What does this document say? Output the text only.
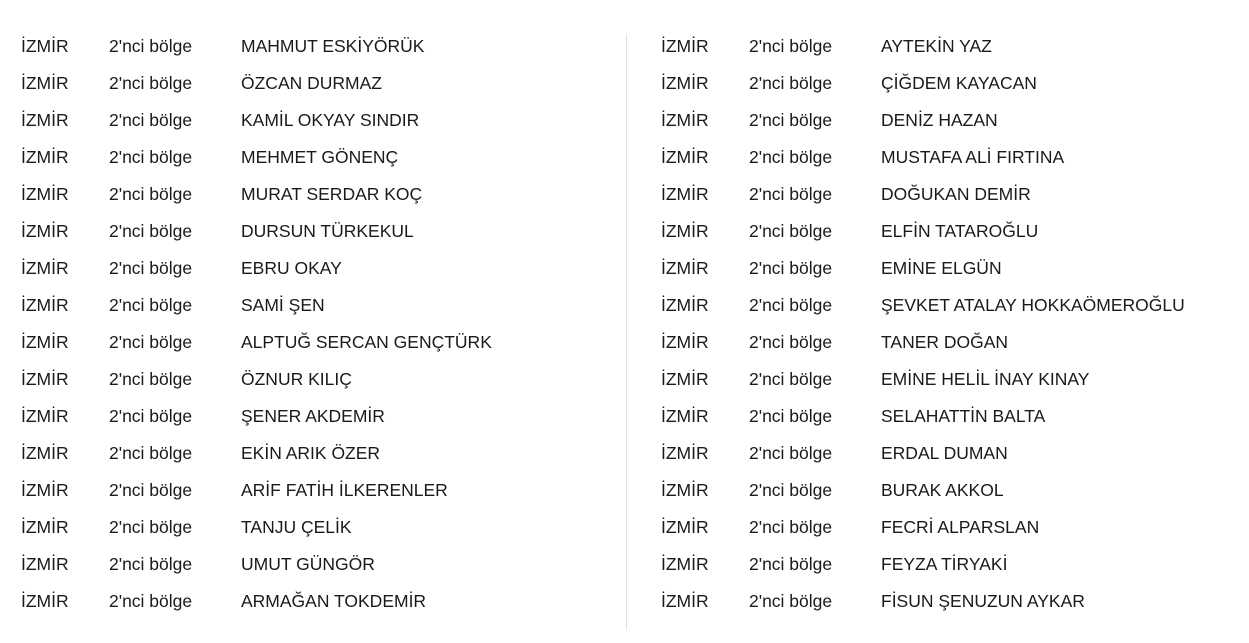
İZMİR 2'nci bölge	MAHMUT ESKİYÖRÜK
İZMİR 2'nci bölge	ÖZCAN DURMAZ
İZMİR 2'nci bölge	KAMİL OKYAY SINDIR
İZMİR 2'nci bölge	MEHMET GÖNENÇ
İZMİR 2'nci bölge	MURAT SERDAR KOÇ
İZMİR 2'nci bölge	DURSUN TÜRKEKUL
İZMİR 2'nci bölge	EBRU OKAY
İZMİR 2'nci bölge	SAMİ ŞEN
İZMİR 2'nci bölge	ALPTUĞ SERCAN GENÇTÜRK
İZMİR 2'nci bölge	ÖZNUR KILIÇ
İZMİR 2'nci bölge	ŞENER AKDEMİR
İZMİR 2'nci bölge	EKİN ARIK ÖZER
İZMİR 2'nci bölge	ARİF FATİH İLKERENLER
İZMİR 2'nci bölge	TANJU ÇELİK
İZMİR 2'nci bölge	UMUT GÜNGÖR
İZMİR 2'nci bölge	ARMAĞAN TOKDEMİR
İZMİR 2'nci bölge	AYTEKİN YAZ
İZMİR 2'nci bölge	ÇİĞDEM KAYACAN
İZMİR 2'nci bölge	DENİZ HAZAN
İZMİR 2'nci bölge	MUSTAFA ALİ FIRTINA
İZMİR 2'nci bölge	DOĞUKAN DEMİR
İZMİR 2'nci bölge	ELFİN TATAROĞLU
İZMİR 2'nci bölge	EMİNE ELGÜN
İZMİR 2'nci bölge	ŞEVKET ATALAY HOKKAÖMEROĞLU
İZMİR 2'nci bölge	TANER DOĞAN
İZMİR 2'nci bölge	EMİNE HELİL İNAY KINAY
İZMİR 2'nci bölge	SELAHATTİN BALTA
İZMİR 2'nci bölge	ERDAL DUMAN
İZMİR 2'nci bölge	BURAK AKKOL
İZMİR 2'nci bölge	FECRİ ALPARSLAN
İZMİR 2'nci bölge	FEYZA TİRYAKİ
İZMİR 2'nci bölge	FİSUN ŞENUZUN AYKAR
